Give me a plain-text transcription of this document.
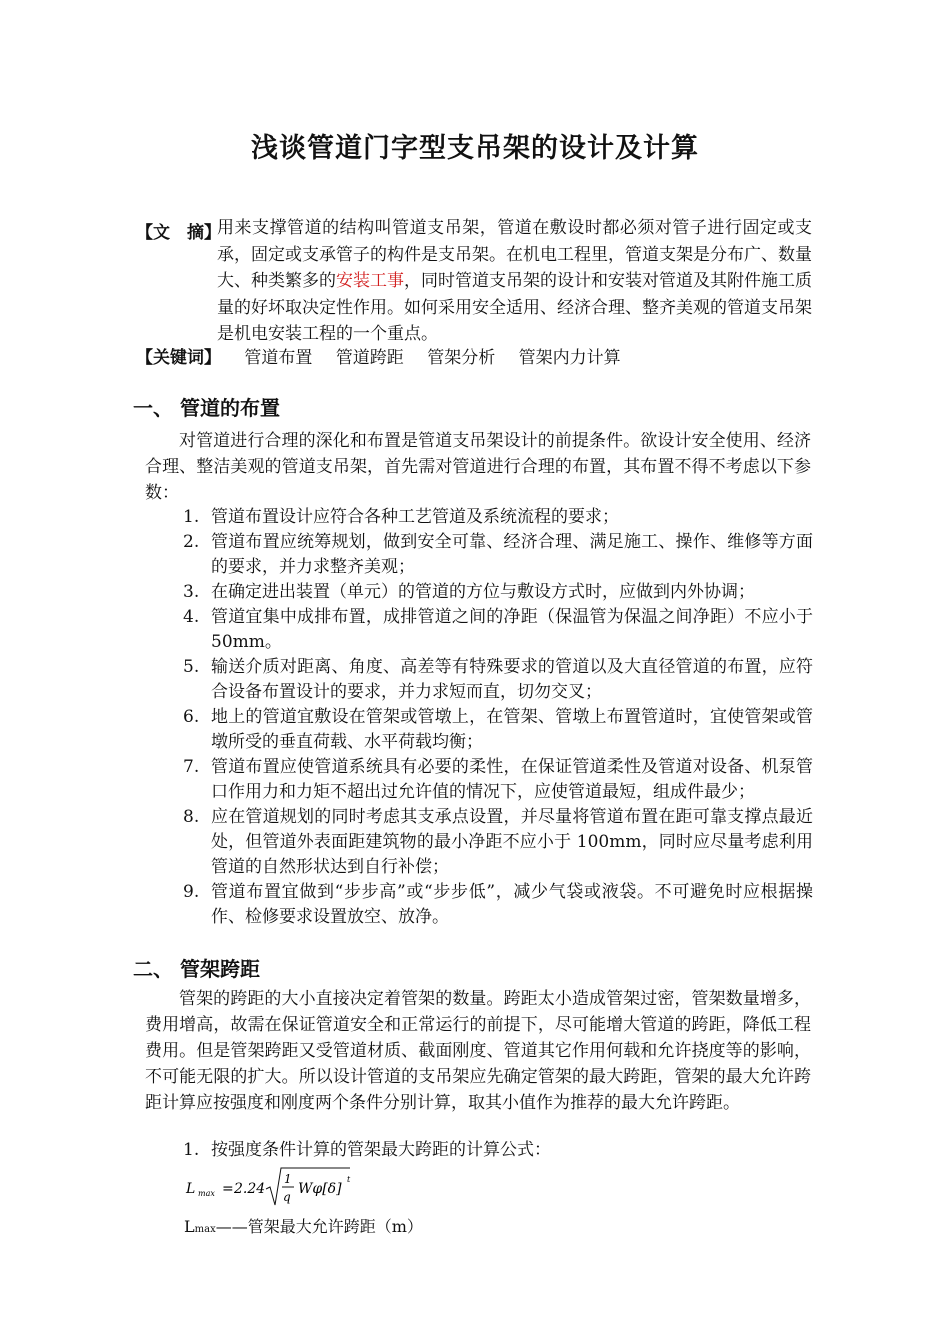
浅谈管道门字型支吊架的设计及计算
【文　摘】
用来支撑管道的结构叫管道支吊架，管道在敷设时都必须对管子进行固定或支承，固定或支承管子的构件是支吊架。在机电工程里，管道支架是分布广、数量大、种类繁多的安装工事，同时管道支吊架的设计和安装对管道及其附件施工质量的好坏取决定性作用。如何采用安全适用、经济合理、整齐美观的管道支吊架是机电安装工程的一个重点。
【关键词】 管道布置 管道跨距 管架分析 管架内力计算
一、 管道的布置
对管道进行合理的深化和布置是管道支吊架设计的前提条件。欲设计安全使用、经济合理、整洁美观的管道支吊架，首先需对管道进行合理的布置，其布置不得不考虑以下参数：
1. 管道布置设计应符合各种工艺管道及系统流程的要求；
2. 管道布置应统筹规划，做到安全可靠、经济合理、满足施工、操作、维修等方面的要求，并力求整齐美观；
3. 在确定进出装置（单元）的管道的方位与敷设方式时，应做到内外协调；
4. 管道宜集中成排布置，成排管道之间的净距（保温管为保温之间净距）不应小于 50mm。
5. 输送介质对距离、角度、高差等有特殊要求的管道以及大直径管道的布置，应符合设备布置设计的要求，并力求短而直，切勿交叉；
6. 地上的管道宜敷设在管架或管墩上，在管架、管墩上布置管道时，宜使管架或管墩所受的垂直荷载、水平荷载均衡；
7. 管道布置应使管道系统具有必要的柔性，在保证管道柔性及管道对设备、机泵管口作用力和力矩不超出过允许值的情况下，应使管道最短，组成件最少；
8. 应在管道规划的同时考虑其支承点设置，并尽量将管道布置在距可靠支撑点最近处，但管道外表面距建筑物的最小净距不应小于 100mm，同时应尽量考虑利用管道的自然形状达到自行补偿；
9. 管道布置宜做到“步步高”或“步步低”，减少气袋或液袋。不可避免时应根据操作、检修要求设置放空、放净。
二、 管架跨距
管架的跨距的大小直接决定着管架的数量。跨距太小造成管架过密，管架数量增多，费用增高，故需在保证管道安全和正常运行的前提下，尽可能增大管道的跨距，降低工程费用。但是管架跨距又受管道材质、截面刚度、管道其它作用何载和允许挠度等的影响，不可能无限的扩大。所以设计管道的支吊架应先确定管架的最大跨距，管架的最大允许跨距计算应按强度和刚度两个条件分别计算，取其小值作为推荐的最大允许跨距。
1. 按强度条件计算的管架最大跨距的计算公式：
L max = 2.24
1
q Wφ[δ]
t
Lmax——管架最大允许跨距（m）
